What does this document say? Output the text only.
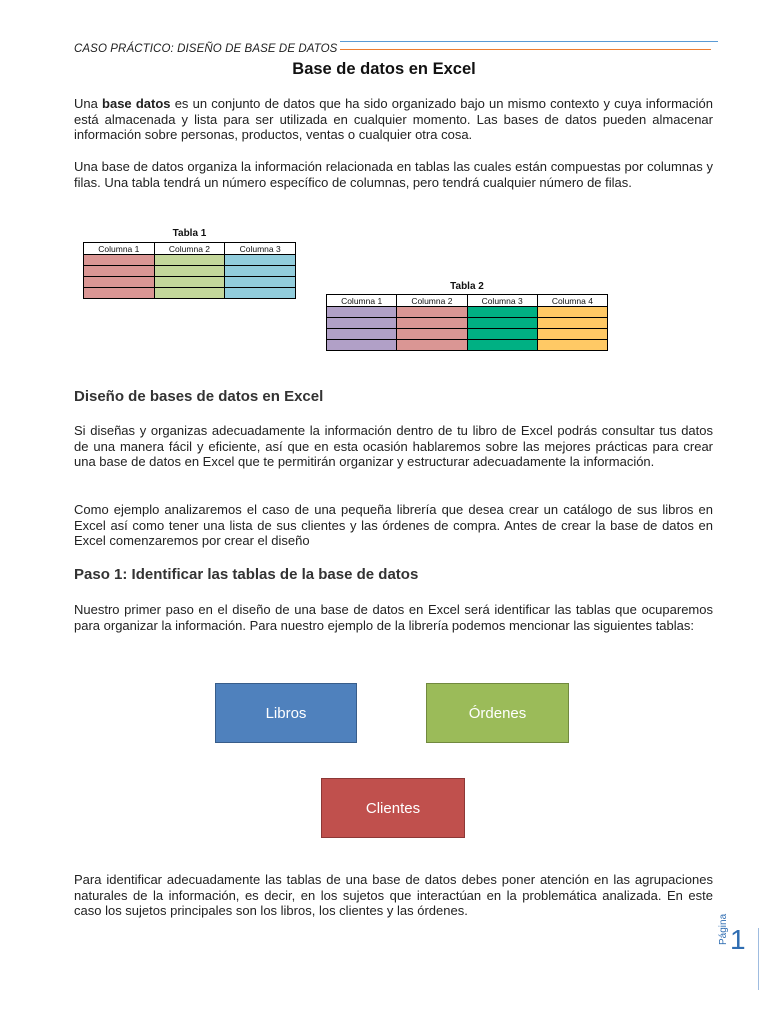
CASO PRÁCTICO: DISEÑO DE BASE DE DATOS
Base de datos en Excel
Una base datos es un conjunto de datos que ha sido organizado bajo un mismo contexto y cuya información está almacenada y lista para ser utilizada en cualquier momento. Las bases de datos pueden almacenar información sobre personas, productos, ventas o cualquier otra cosa.
Una base de datos organiza la información relacionada en tablas las cuales están compuestas por columnas y filas. Una tabla tendrá un número específico de columnas, pero tendrá cualquier número de filas.
Tabla 1
Columna 1	Columna 2	Columna 3

Tabla 2
Columna 1	Columna 2	Columna 3	Columna 4

Diseño de bases de datos en Excel
Si diseñas y organizas adecuadamente la información dentro de tu libro de Excel podrás consultar tus datos de una manera fácil y eficiente, así que en esta ocasión hablaremos sobre las mejores prácticas para crear una base de datos en Excel que te permitirán organizar y estructurar adecuadamente la información.
Como ejemplo analizaremos el caso de una pequeña librería que desea crear un catálogo de sus libros en Excel así como tener una lista de sus clientes y las órdenes de compra. Antes de crear la base de datos en Excel comenzaremos por crear el diseño
Paso 1: Identificar las tablas de la base de datos
Nuestro primer paso en el diseño de una base de datos en Excel será identificar las tablas que ocuparemos para organizar la información. Para nuestro ejemplo de la librería podemos mencionar las siguientes tablas:
Libros	Órdenes
Clientes
Para identificar adecuadamente las tablas de una base de datos debes poner atención en las agrupaciones naturales de la información, es decir, en los sujetos que interactúan en la problemática analizada. En este caso los sujetos principales son los libros, los clientes y las órdenes.
Página 1
